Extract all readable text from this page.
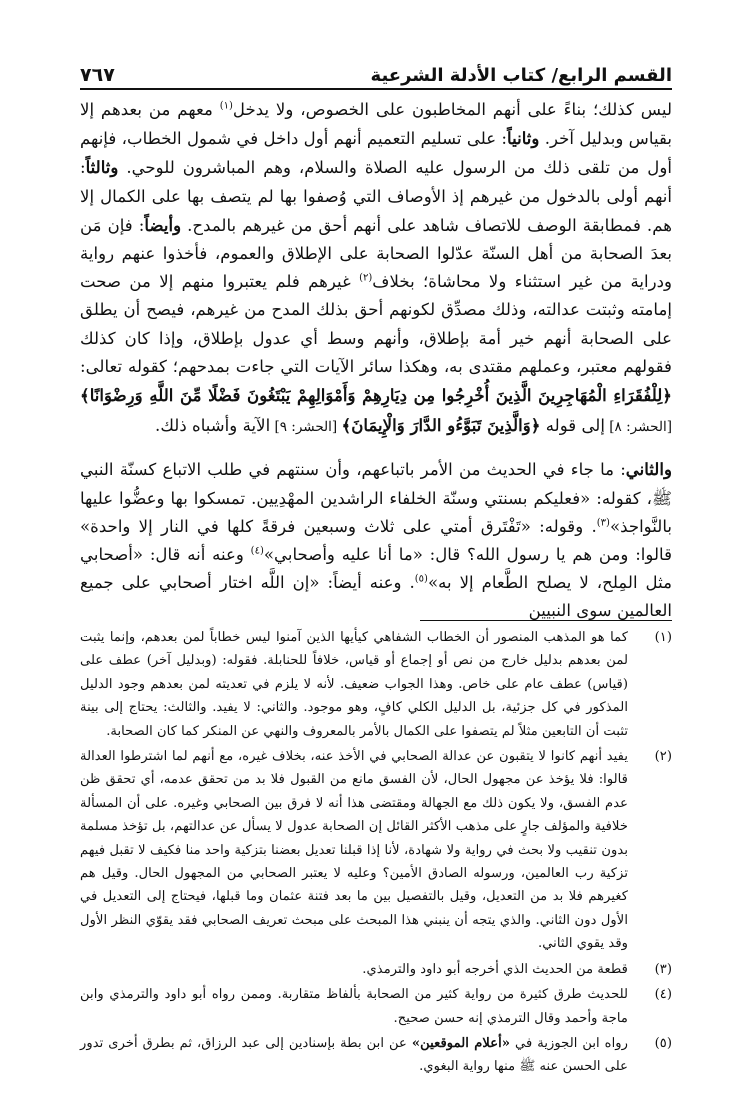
القسم الرابع/ كتاب الأدلة الشرعية
٧٦٧

ليس كذلك؛ بناءً على أنهم المخاطبون على الخصوص، ولا يدخل$^{(١)}$ معهم من بعدهم إلا بقياس وبدليل آخر. وثانياً: على تسليم التعميم أنهم أول داخل في شمول الخطاب، فإنهم أول من تلقى ذلك من الرسول عليه الصلاة والسلام، وهم المباشرون للوحي. وثالثاً: أنهم أولى بالدخول من غيرهم إذ الأوصاف التي وُصفوا بها لم يتصف بها على الكمال إلا هم. فمطابقة الوصف للاتصاف شاهد على أنهم أحق من غيرهم بالمدح. وأيضاً: فإن مَن بعدَ الصحابة من أهل السنّة عدّلوا الصحابة على الإطلاق والعموم، فأخذوا عنهم رواية ودراية من غير استثناء ولا محاشاة؛ بخلاف$^{(٢)}$ غيرهم فلم يعتبروا منهم إلا من صحت إمامته وثبتت عدالته، وذلك مصدِّق لكونهم أحق بذلك المدح من غيرهم، فيصح أن يطلق على الصحابة أنهم خير أمة بإطلاق، وأنهم وسط أي عدول بإطلاق، وإذا كان كذلك فقولهم معتبر، وعملهم مقتدى به، وهكذا سائر الآيات التي جاءت بمدحهم؛ كقوله تعالى: ﴿لِلْفُقَرَاءِ الْمُهَاجِرِينَ الَّذِينَ أُخْرِجُوا مِن دِيَارِهِمْ وَأَمْوَالِهِمْ يَبْتَغُونَ فَضْلًا مِّنَ اللَّهِ وَرِضْوَانًا﴾ [الحشر: ٨] إلى قوله ﴿وَالَّذِينَ تَبَوَّءُو الدَّارَ وَالْإِيمَانَ﴾ [الحشر: ٩] الآية وأشباه ذلك.

والثاني: ما جاء في الحديث من الأمر باتباعهم، وأن سنتهم في طلب الاتباع كسنّة النبي ﷺ، كقوله: «فعليكم بسنتي وسنّة الخلفاء الراشدين المهْدِيين. تمسكوا بها وعضُّوا عليها بالنَّواجذ»$^{(٣)}$. وقوله: «تَفْتَرق أمتي على ثلاث وسبعين فرقةً كلها في النار إلا واحدة» قالوا: ومن هم يا رسول الله؟ قال: «ما أنا عليه وأصحابي»$^{(٤)}$ وعنه أنه قال: «أصحابي مثل المِلح، لا يصلح الطَّعام إلا به»$^{(٥)}$. وعنه أيضاً: «إن اللَّه اختار أصحابي على جميع العالمين سوى النبيين

(١)
كما هو المذهب المنصور أن الخطاب الشفاهي كيأيها الذين آمنوا ليس خطاباً لمن بعدهم، وإنما يثبت لمن بعدهم بدليل خارج من نص أو إجماع أو قياس، خلافاً للحنابلة. فقوله: (وبدليل آخر) عطف على (قياس) عطف عام على خاص. وهذا الجواب ضعيف. لأنه لا يلزم في تعديته لمن بعدهم وجود الدليل المذكور في كل جزئية، بل الدليل الكلي كافٍ، وهو موجود. والثاني: لا يفيد. والثالث: يحتاج إلى بينة تثبت أن التابعين مثلاً لم يتصفوا على الكمال بالأمر بالمعروف والنهي عن المنكر كما كان الصحابة.
(٢)
يفيد أنهم كانوا لا يتقبون عن عدالة الصحابي في الأخذ عنه، بخلاف غيره، مع أنهم لما اشترطوا العدالة قالوا: فلا يؤخذ عن مجهول الحال، لأن الفسق مانع من القبول فلا بد من تحقق عدمه، أي تحقق ظن عدم الفسق، ولا يكون ذلك مع الجهالة ومقتضى هذا أنه لا فرق بين الصحابي وغيره. على أن المسألة خلافية والمؤلف جارٍ على مذهب الأكثر القائل إن الصحابة عدول لا يسأل عن عدالتهم، بل تؤخذ مسلمة بدون تنقيب ولا بحث في رواية ولا شهادة، لأنا إذا قبلنا تعديل بعضنا بتزكية واحد منا فكيف لا تقبل فيهم تزكية رب العالمين، ورسوله الصادق الأمين؟ وعليه لا يعتبر الصحابي من المجهول الحال. وقيل هم كغيرهم فلا بد من التعديل، وقيل بالتفصيل بين ما بعد فتنة عثمان وما قبلها، فيحتاج إلى التعديل في الأول دون الثاني. والذي يتجه أن ينبني هذا المبحث على مبحث تعريف الصحابي فقد يقوّي النظر الأول وقد يقوي الثاني.
(٣)
قطعة من الحديث الذي أخرجه أبو داود والترمذي.
(٤)
للحديث طرق كثيرة من رواية كثير من الصحابة بألفاظ متقاربة. وممن رواه أبو داود والترمذي وابن ماجة وأحمد وقال الترمذي إنه حسن صحيح.
(٥)
رواه ابن الجوزية في «أعلام الموقعين» عن ابن بطة بإسنادين إلى عبد الرزاق، ثم بطرق أخرى تدور على الحسن عنه ﷺ منها رواية البغوي.
